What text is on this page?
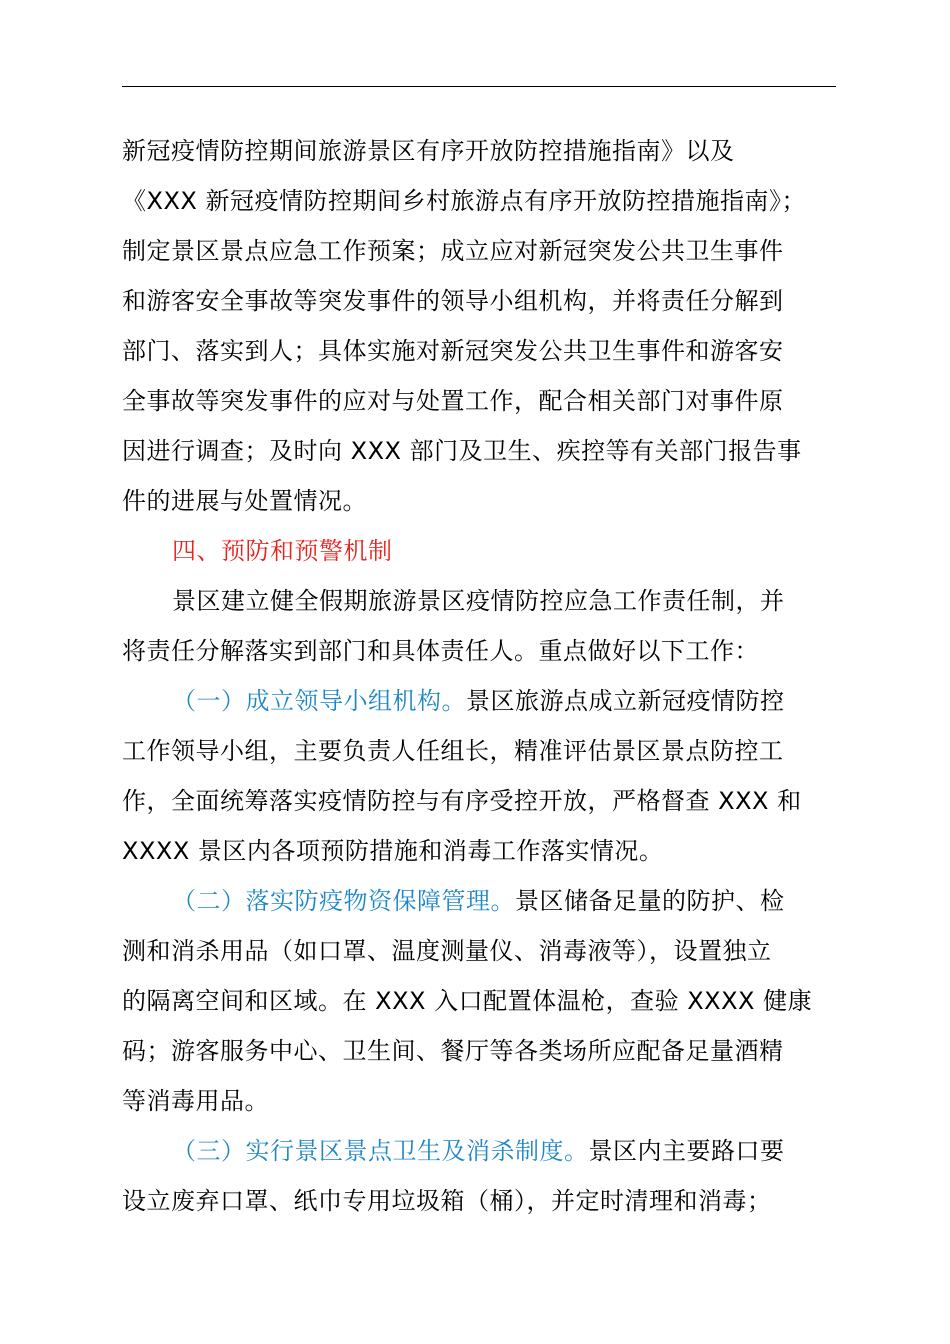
新冠疫情防控期间旅游景区有序开放防控措施指南》以及
《XXX 新冠疫情防控期间乡村旅游点有序开放防控措施指南》；
制定景区景点应急工作预案；成立应对新冠突发公共卫生事件
和游客安全事故等突发事件的领导小组机构，并将责任分解到
部门、落实到人；具体实施对新冠突发公共卫生事件和游客安
全事故等突发事件的应对与处置工作，配合相关部门对事件原
因进行调查；及时向 XXX 部门及卫生、疾控等有关部门报告事
件的进展与处置情况。
四、预防和预警机制
景区建立健全假期旅游景区疫情防控应急工作责任制，并
将责任分解落实到部门和具体责任人。重点做好以下工作：
（一）成立领导小组机构。景区旅游点成立新冠疫情防控
工作领导小组，主要负责人任组长，精准评估景区景点防控工
作，全面统筹落实疫情防控与有序受控开放，严格督查 XXX 和
XXXX 景区内各项预防措施和消毒工作落实情况。
（二）落实防疫物资保障管理。景区储备足量的防护、检
测和消杀用品（如口罩、温度测量仪、消毒液等），设置独立
的隔离空间和区域。在 XXX 入口配置体温枪，查验 XXXX 健康
码；游客服务中心、卫生间、餐厅等各类场所应配备足量酒精
等消毒用品。
（三）实行景区景点卫生及消杀制度。景区内主要路口要
设立废弃口罩、纸巾专用垃圾箱（桶），并定时清理和消毒；
